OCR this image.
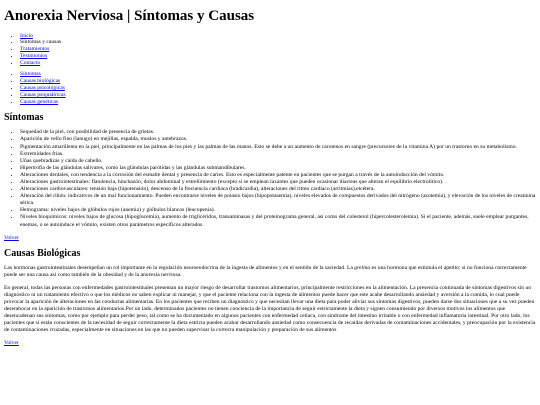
Anorexia Nerviosa | Síntomas y Causas
• Inicio
• Síntomas y causas
• Tratamientos
• Testimonios
• Contacto
• Síntomas
• Causas biológicas
• Causas psicológicas
• Causas psiquiátricas
• Causas genéticas
Síntomas
• Sequedad de la piel, con posibilidad de presencia de grietas.
• Aparición de vello fino (lanugo) en mejillas, espalda, muslos y antebrazos.
• Pigmentación amarillenta en la piel, principalmente en las palmas de los pies y las palmas de las manos. Esto se debe a un aumento de carotenos en sangre (precursores de la vitamina A) por un trastorno en su metabolismo.
• Extremidades frías.
• Uñas quebradizas y caída de cabello.
• Hipertrofia de las glándulas salivares, como las glándulas parótidas y las glándulas submandibulares.
• Alteraciones dentales, con tendencia a la corrosión del esmalte dental y presencia de caries. Esto es especialmente patente en pacientes que se purgan a través de la autoinducción del vómito.
• Alteraciones gastrointestinales: flatulencia, hinchazón, dolor abdominal y estreñimiento (excepto si se emplean laxantes que pueden ocasionar diarreas que alteran el equilibrio electrolítico).
• Alteraciones cardiovasculares: tensión baja (hipotensión), descenso de la frecuencia cardiaca (bradicardia), alteraciones del ritmo cardiaco (arritmias),etcétera.
• Alteración del riñón: indicativos de un mal funcionamiento. Pueden encontrarse niveles de potasio bajos (hipopotasemia), niveles elevados de compuestos derivados del nitrógeno (azotemia), y elevación de los niveles de creatinina sérica.
• Hemograma: niveles bajos de glóbulos rojos (anemia) y glóbulos blancos (leucopenia).
• Niveles bioquímicos: niveles bajos de glucosa (hipoglucemia), aumento de triglicéridos, transaminasas y del proteinograma general, así como del colesterol (hipercolesterolemia). Si el paciente, además, suele emplear purgantes, enemas, o se autoinduce el vómito, existen otros parámetros específicos alterados.
Volver
Causas Biológicas

Las hormonas gastrointestinales desempeñan un rol importante en la regulación neuroendocrina de la ingesta de alimentos y en el sentido de la saciedad. La grelina es una hormona que estimula el apetito: si no funciona correctamente puede ser una causa así como también de la obesidad y de la anorexia nerviosa.

En general, todas las personas con enfermedades gastrointestinales presentan un mayor riesgo de desarrollar trastornos alimentarios, principalmente restricciones en la alimentación. La presencia continuada de síntomas digestivos sin un diagnóstico ni un tratamiento efectivo o que los médicos no saben explicar ni manejar, y que el paciente relaciona con la ingesta de alimentos puede hacer que este acabe desarrollando ansiedad y aversión a la comida, lo cual puede provocar la aparición de alteraciones en las conductas alimentarias. En los pacientes que reciben un diagnóstico y que necesitan llevar una dieta para poder aliviar sus síntomas digestivos, pueden darse dos situaciones que a su vez pueden desembocar en la aparición de trastornos alimentarios.Por un lado, determinados pacientes no tienen conciencia de la importancia de seguir estrictamente la dieta y siguen consumiendo por diversos motivos los alimentos que desencadenan sus síntomas, como por ejemplo para perder peso, tal como se ha documentado en algunos pacientes con enfermedad celíaca, con síndrome del intestino irritable o con enfermedad inflamatoria intestinal. Por otro lado, los pacientes que sí están conscientes de la necesidad de seguir correctamente la dieta estricta pueden acabar desarrollando ansiedad como consecuencia de recaídas derivadas de contaminaciones accidentales, y preocupación por la existencia de contaminaciones cruzadas, especialmente en situaciones en las que no pueden supervisar la correcta manipulación y preparación de sus alimentos

Volver
